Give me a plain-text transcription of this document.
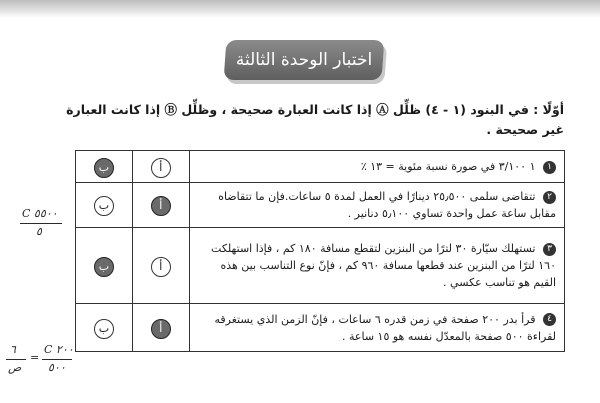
اختبار الوحدة الثالثة
أوّلًا : في البنود (١ - ٤) ظلِّل Ⓐ إذا كانت العبارة صحيحة ، وظلِّل Ⓑ إذا كانت العبارة غير صحيحة .
١ ١ ٣/١٠٠ في صورة نسبة مئوية = ١٣ ٪	أ	ب
٢ تتقاضى سلمى ٢٥٫٥٠٠ دينارًا في العمل لمدة ٥ ساعات.فإن ما تتقاضاه مقابل ساعة عمل واحدة تساوي ٥٫١٠٠ دنانير .	أ	ب
٣ تستهلك سيّارة ٣٠ لترًا من البنزين لتقطع مسافة ١٨٠ كم ، فإذا استهلكت ١٦٠ لترًا من البنزين عند قطعها مسافة ٩٦٠ كم ، فإنّ نوع التناسب بين هذه القيم هو تناسب عكسي .	أ	ب
٤ قرأ بدر ٢٠٠ صفحة في زمن قدره ٦ ساعات ، فإنّ الزمن الذي يستغرقه لقراءة ٥٠٠ صفحة بالمعدّل نفسه هو ١٥ ساعة .	أ	ب
C ٥٥٠٠
٥
٦
ص
=
C ٢٠٠
٥٠٠
